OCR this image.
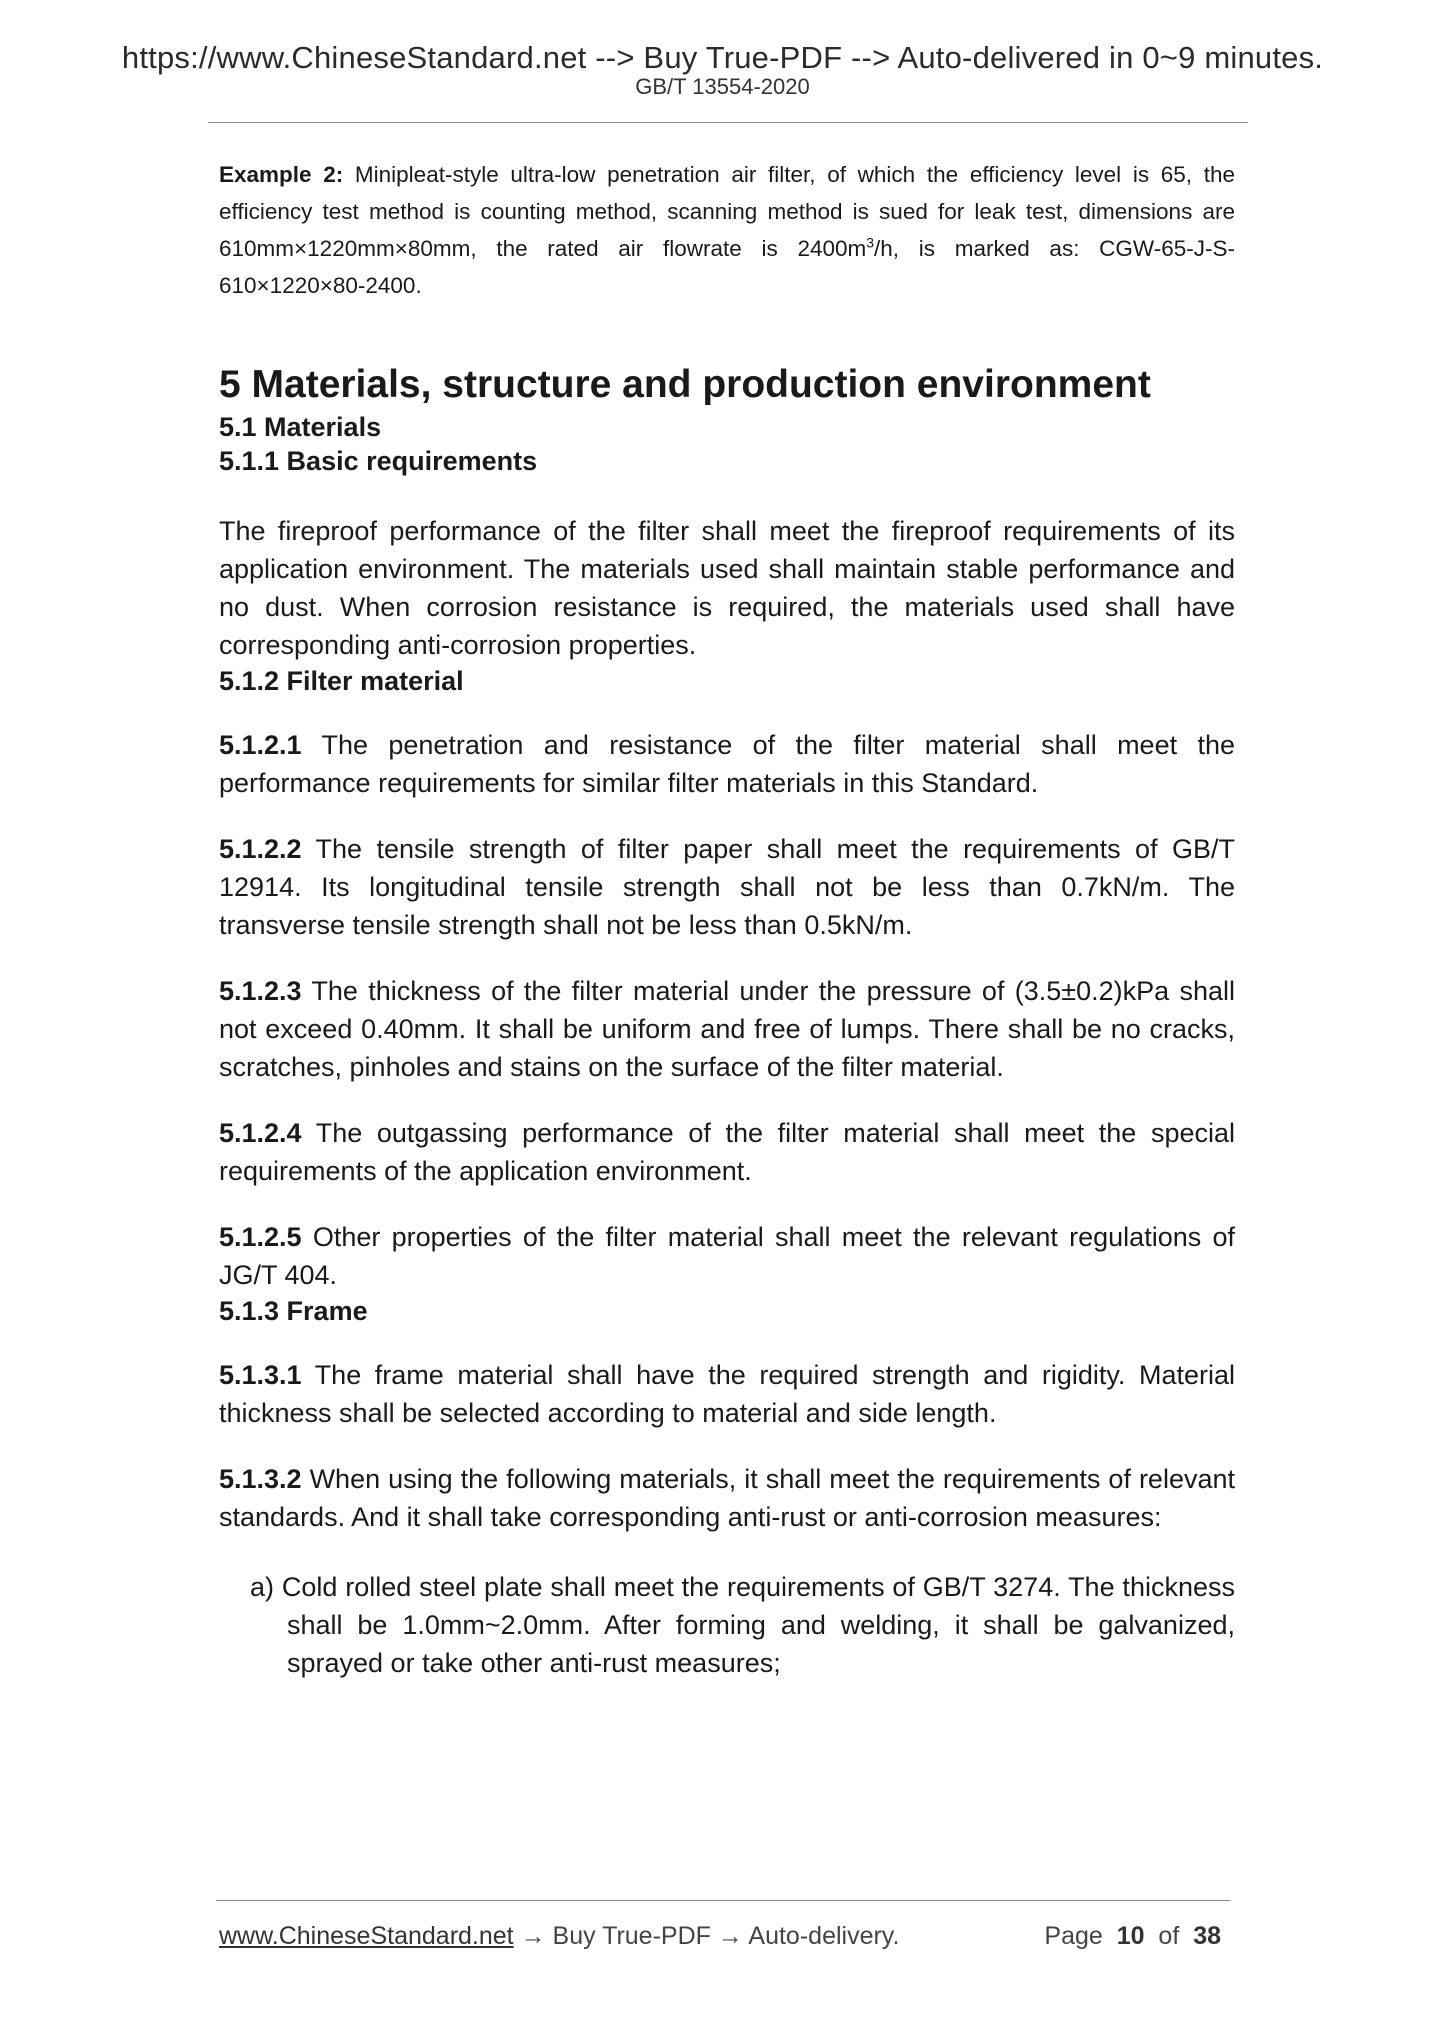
https://www.ChineseStandard.net --> Buy True-PDF --> Auto-delivered in 0~9 minutes.
GB/T 13554-2020

Example 2: Minipleat-style ultra-low penetration air filter, of which the efficiency level is 65, the efficiency test method is counting method, scanning method is sued for leak test, dimensions are 610mm×1220mm×80mm, the rated air flowrate is $2400m^3/h$, is marked as: CGW-65-J-S-610×1220×80-2400.

5 Materials, structure and production environment
5.1 Materials
5.1.1 Basic requirements

The fireproof performance of the filter shall meet the fireproof requirements of its application environment. The materials used shall maintain stable performance and no dust. When corrosion resistance is required, the materials used shall have corresponding anti-corrosion properties.

5.1.2 Filter material

5.1.2.1 The penetration and resistance of the filter material shall meet the performance requirements for similar filter materials in this Standard.

5.1.2.2 The tensile strength of filter paper shall meet the requirements of GB/T 12914. Its longitudinal tensile strength shall not be less than 0.7kN/m. The transverse tensile strength shall not be less than 0.5kN/m.

5.1.2.3 The thickness of the filter material under the pressure of (3.5±0.2)kPa shall not exceed 0.40mm. It shall be uniform and free of lumps. There shall be no cracks, scratches, pinholes and stains on the surface of the filter material.

5.1.2.4 The outgassing performance of the filter material shall meet the special requirements of the application environment.

5.1.2.5 Other properties of the filter material shall meet the relevant regulations of JG/T 404.

5.1.3 Frame

5.1.3.1 The frame material shall have the required strength and rigidity. Material thickness shall be selected according to material and side length.

5.1.3.2 When using the following materials, it shall meet the requirements of relevant standards. And it shall take corresponding anti-rust or anti-corrosion measures:

a) Cold rolled steel plate shall meet the requirements of GB/T 3274. The thickness shall be 1.0mm~2.0mm. After forming and welding, it shall be galvanized, sprayed or take other anti-rust measures;

www.ChineseStandard.net → Buy True-PDF → Auto-delivery.	Page 10 of 38
